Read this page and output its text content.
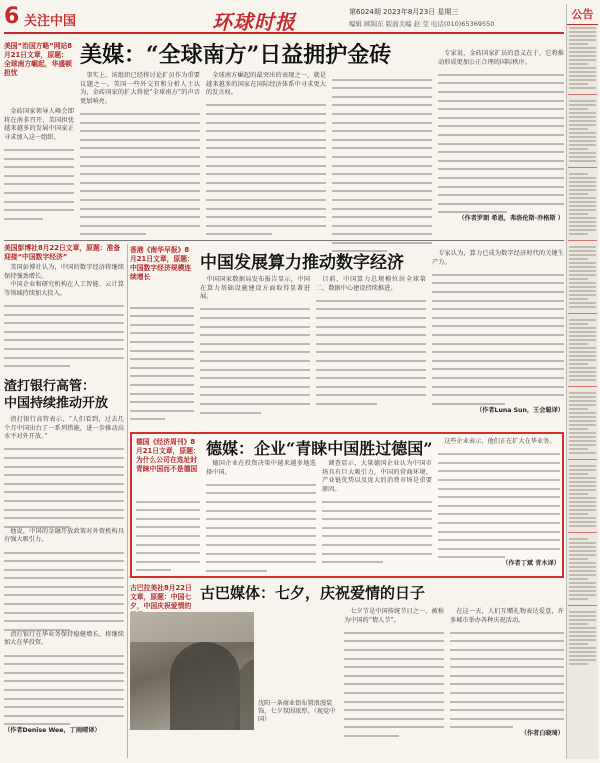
6 关注中国	环球时报	第6024期 2023年8月23日 星期三
编辑 顾锦东 版面美编 赵 莹 电话(010)65369550
公告
美国“治国方略”网站8月21日文章，原题：全球南方崛起，华盛顿担忧
美媒：“全球南方”日益拥护金砖
金砖国家领导人峰会即将在南非召开，美国担忧越来越多的发展中国家正寻求加入这一组织。
事实上，该组织已经将讨论扩员作为重要议题之一。美国一些外交官和分析人士认为，金砖国家的扩大将使“全球南方”的声音更加响亮。
全球南方崛起的最突出的表现之一，就是越来越多的国家在国际经济体系中寻求更大的发言权。
专家说，金砖国家扩员的意义在于，它将推动形成更加公正合理的国际秩序。
（作者罗朗 希恩，弗洛伦斯·乔格斯 ）
美国彭博社8月22日文章，原题：准备迎接“中国数字经济”
美国彭博社认为，中国的数字经济将继续保持强劲增长。
中国企业和研究机构在人工智能、云计算等领域持续加大投入。
香港《南华早报》8月21日文章，原题：中国数字经济规模连续增长
中国发展算力推动数字经济
中国国家数据局发布报告显示，中国在算力基础设施建设方面取得显著进展。
目前，中国算力总规模位居全球第二，数据中心建设持续推进。
专家认为，算力已成为数字经济时代的关键生产力。
（作者Luna Sun，王会聪译）
渣打银行高管：
中国持续推动开放
渣打银行高管表示，“人们看到，过去几个月中国出台了一系列措施，进一步推动高水平对外开放。”
他说，中国的金融开放政策对外资机构具有强大吸引力。
渣打银行在华业务保持稳健增长，将继续加大在华投资。
（作者Denise Wee，丁雨晴译）
德国《经济周刊》8月21日文章，原题：为什么公司在选址时青睐中国而不是德国
德媒：企业“青睐中国胜过德国”
德国企业在投资决策中越来越多地选择中国。
调查显示，大量德国企业认为中国市场具有巨大吸引力，中国的营商环境、产业链优势以及庞大的消费市场是重要原因。
这些企业表示，他们正在扩大在华业务。
（作者丁斌 青木译）
古巴拉美社8月22日文章，原题：中国七夕，中国庆祝爱情的
古巴媒体：七夕，庆祝爱情的日子
七夕节是中国传统节日之一，被称为中国的“情人节”。
在这一天，人们互赠礼物表达爱意，许多城市举办各种庆祝活动。
（作者白晓琦）
沈阳一条商业街布置浪漫装饰，七夕氛围浓厚。（视觉中国）
